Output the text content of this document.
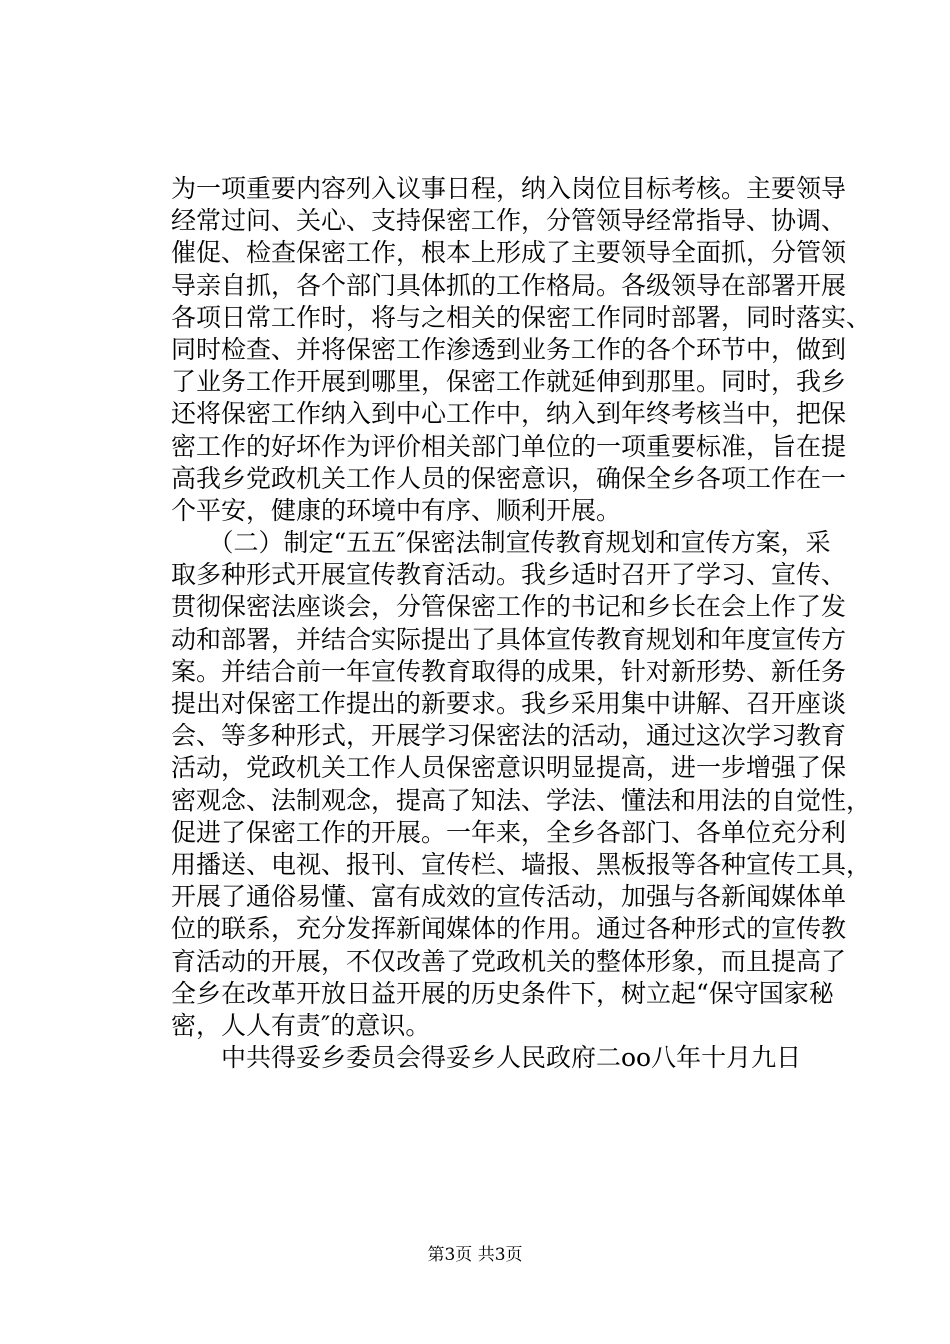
为一项重要内容列入议事日程，纳入岗位目标考核。主要领导
经常过问、关心、支持保密工作，分管领导经常指导、协调、
催促、检查保密工作，根本上形成了主要领导全面抓，分管领
导亲自抓，各个部门具体抓的工作格局。各级领导在部署开展
各项日常工作时，将与之相关的保密工作同时部署，同时落实、
同时检查、并将保密工作渗透到业务工作的各个环节中，做到
了业务工作开展到哪里，保密工作就延伸到那里。同时，我乡
还将保密工作纳入到中心工作中，纳入到年终考核当中，把保
密工作的好坏作为评价相关部门单位的一项重要标准，旨在提
高我乡党政机关工作人员的保密意识，确保全乡各项工作在一
个平安，健康的环境中有序、顺利开展。
　　（二）制定“五五″保密法制宣传教育规划和宣传方案，采
取多种形式开展宣传教育活动。我乡适时召开了学习、宣传、
贯彻保密法座谈会，分管保密工作的书记和乡长在会上作了发
动和部署，并结合实际提出了具体宣传教育规划和年度宣传方
案。并结合前一年宣传教育取得的成果，针对新形势、新任务
提出对保密工作提出的新要求。我乡采用集中讲解、召开座谈
会、等多种形式，开展学习保密法的活动，通过这次学习教育
活动，党政机关工作人员保密意识明显提高，进一步增强了保
密观念、法制观念，提高了知法、学法、懂法和用法的自觉性，
促进了保密工作的开展。一年来，全乡各部门、各单位充分利
用播送、电视、报刊、宣传栏、墙报、黑板报等各种宣传工具，
开展了通俗易懂、富有成效的宣传活动，加强与各新闻媒体单
位的联系，充分发挥新闻媒体的作用。通过各种形式的宣传教
育活动的开展，不仅改善了党政机关的整体形象，而且提高了
全乡在改革开放日益开展的历史条件下，树立起“保守国家秘
密，人人有责″的意识。
　　中共得妥乡委员会得妥乡人民政府二oo八年十月九日
第3页 共3页
